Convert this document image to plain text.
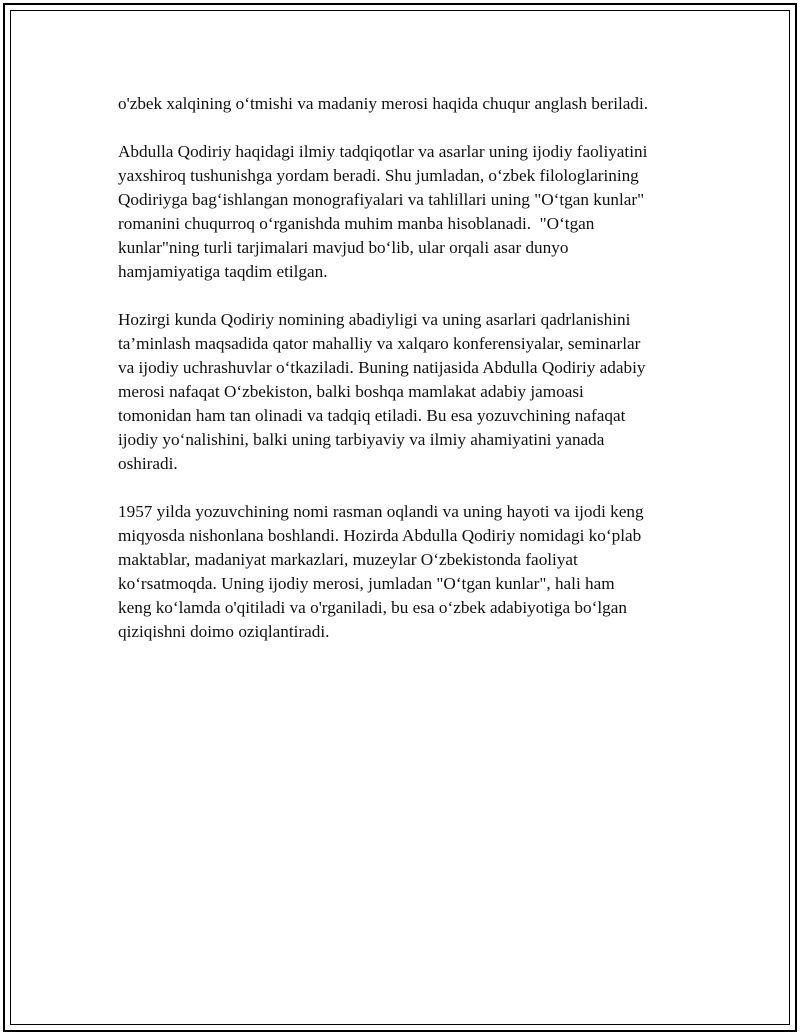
o'zbek xalqining o‘tmishi va madaniy merosi haqida chuqur anglash beriladi.

Abdulla Qodiriy haqidagi ilmiy tadqiqotlar va asarlar uning ijodiy faoliyatini
yaxshiroq tushunishga yordam beradi. Shu jumladan, o‘zbek filologlarining
Qodiriyga bag‘ishlangan monografiyalari va tahlillari uning "O‘tgan kunlar"
romanini chuqurroq o‘rganishda muhim manba hisoblanadi.  "O‘tgan
kunlar"ning turli tarjimalari mavjud bo‘lib, ular orqali asar dunyo
hamjamiyatiga taqdim etilgan.

Hozirgi kunda Qodiriy nomining abadiyligi va uning asarlari qadrlanishini
ta’minlash maqsadida qator mahalliy va xalqaro konferensiyalar, seminarlar
va ijodiy uchrashuvlar o‘tkaziladi. Buning natijasida Abdulla Qodiriy adabiy
merosi nafaqat O‘zbekiston, balki boshqa mamlakat adabiy jamoasi
tomonidan ham tan olinadi va tadqiq etiladi. Bu esa yozuvchining nafaqat
ijodiy yo‘nalishini, balki uning tarbiyaviy va ilmiy ahamiyatini yanada
oshiradi.

1957 yilda yozuvchining nomi rasman oqlandi va uning hayoti va ijodi keng
miqyosda nishonlana boshlandi. Hozirda Abdulla Qodiriy nomidagi ko‘plab
maktablar, madaniyat markazlari, muzeylar O‘zbekistonda faoliyat
ko‘rsatmoqda. Uning ijodiy merosi, jumladan "O‘tgan kunlar", hali ham
keng ko‘lamda o'qitiladi va o'rganiladi, bu esa o‘zbek adabiyotiga bo‘lgan
qiziqishni doimo oziqlantiradi.
